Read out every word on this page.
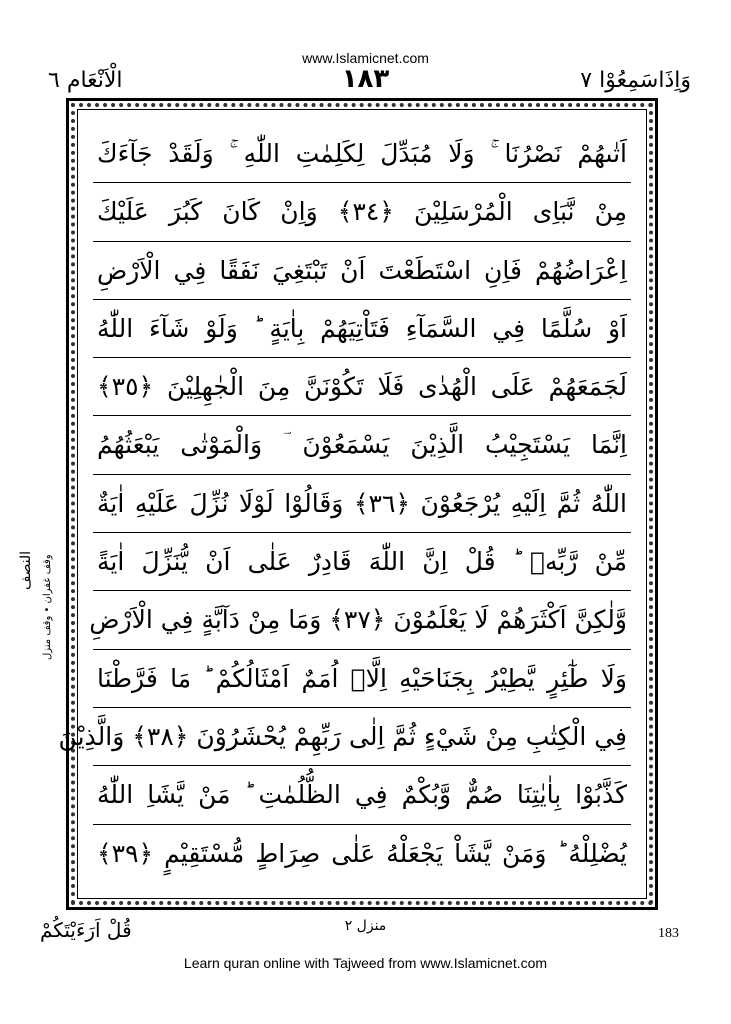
www.Islamicnet.com
الْاَنْعَام ٦	١٨٣	وَاِذَاسَمِعُوْا ٧
النصف وقف غفران • وقف منزل
اَتٰىهُمْ نَصْرُنَا ۚ وَلَا مُبَدِّلَ لِكَلِمٰتِ اللّٰهِ ۚ وَلَقَدْ جَآءَكَ
مِنْ نَّبَاِى الْمُرْسَلِيْنَ ﴿٣٤﴾ وَاِنْ كَانَ كَبُرَ عَلَيْكَ
اِعْرَاضُهُمْ فَاِنِ اسْتَطَعْتَ اَنْ تَبْتَغِيَ نَفَقًا فِي الْاَرْضِ
اَوْ سُلَّمًا فِي السَّمَآءِ فَتَاْتِيَهُمْ بِاٰيَةٍ ؕ وَلَوْ شَآءَ اللّٰهُ
لَجَمَعَهُمْ عَلَى الْهُدٰى فَلَا تَكُوْنَنَّ مِنَ الْجٰهِلِيْنَ ﴿٣٥﴾
اِنَّمَا يَسْتَجِيْبُ الَّذِيْنَ يَسْمَعُوْنَ ؔ وَالْمَوْتٰى يَبْعَثُهُمُ
اللّٰهُ ثُمَّ اِلَيْهِ يُرْجَعُوْنَ ﴿٣٦﴾ وَقَالُوْا لَوْلَا نُزِّلَ عَلَيْهِ اٰيَةٌ
مِّنْ رَّبِّهٖ ؕ قُلْ اِنَّ اللّٰهَ قَادِرٌ عَلٰى اَنْ يُّنَزِّلَ اٰيَةً
وَّلٰكِنَّ اَكْثَرَهُمْ لَا يَعْلَمُوْنَ ﴿٣٧﴾ وَمَا مِنْ دَآبَّةٍ فِي الْاَرْضِ
وَلَا طٰٓئِرٍ يَّطِيْرُ بِجَنَاحَيْهِ اِلَّاۤ اُمَمٌ اَمْثَالُكُمْ ؕ مَا فَرَّطْنَا
فِي الْكِتٰبِ مِنْ شَيْءٍ ثُمَّ اِلٰى رَبِّهِمْ يُحْشَرُوْنَ ﴿٣٨﴾ وَالَّذِيْنَ
كَذَّبُوْا بِاٰيٰتِنَا صُمٌّ وَّبُكْمٌ فِي الظُّلُمٰتِ ؕ مَنْ يَّشَاِ اللّٰهُ
يُضْلِلْهُ ؕ وَمَنْ يَّشَاْ يَجْعَلْهُ عَلٰى صِرَاطٍ مُّسْتَقِيْمٍ ﴿٣٩﴾
قُلْ اَرَءَيْتَكُمْ	منزل ٢	183
Learn quran online with Tajweed from www.Islamicnet.com
